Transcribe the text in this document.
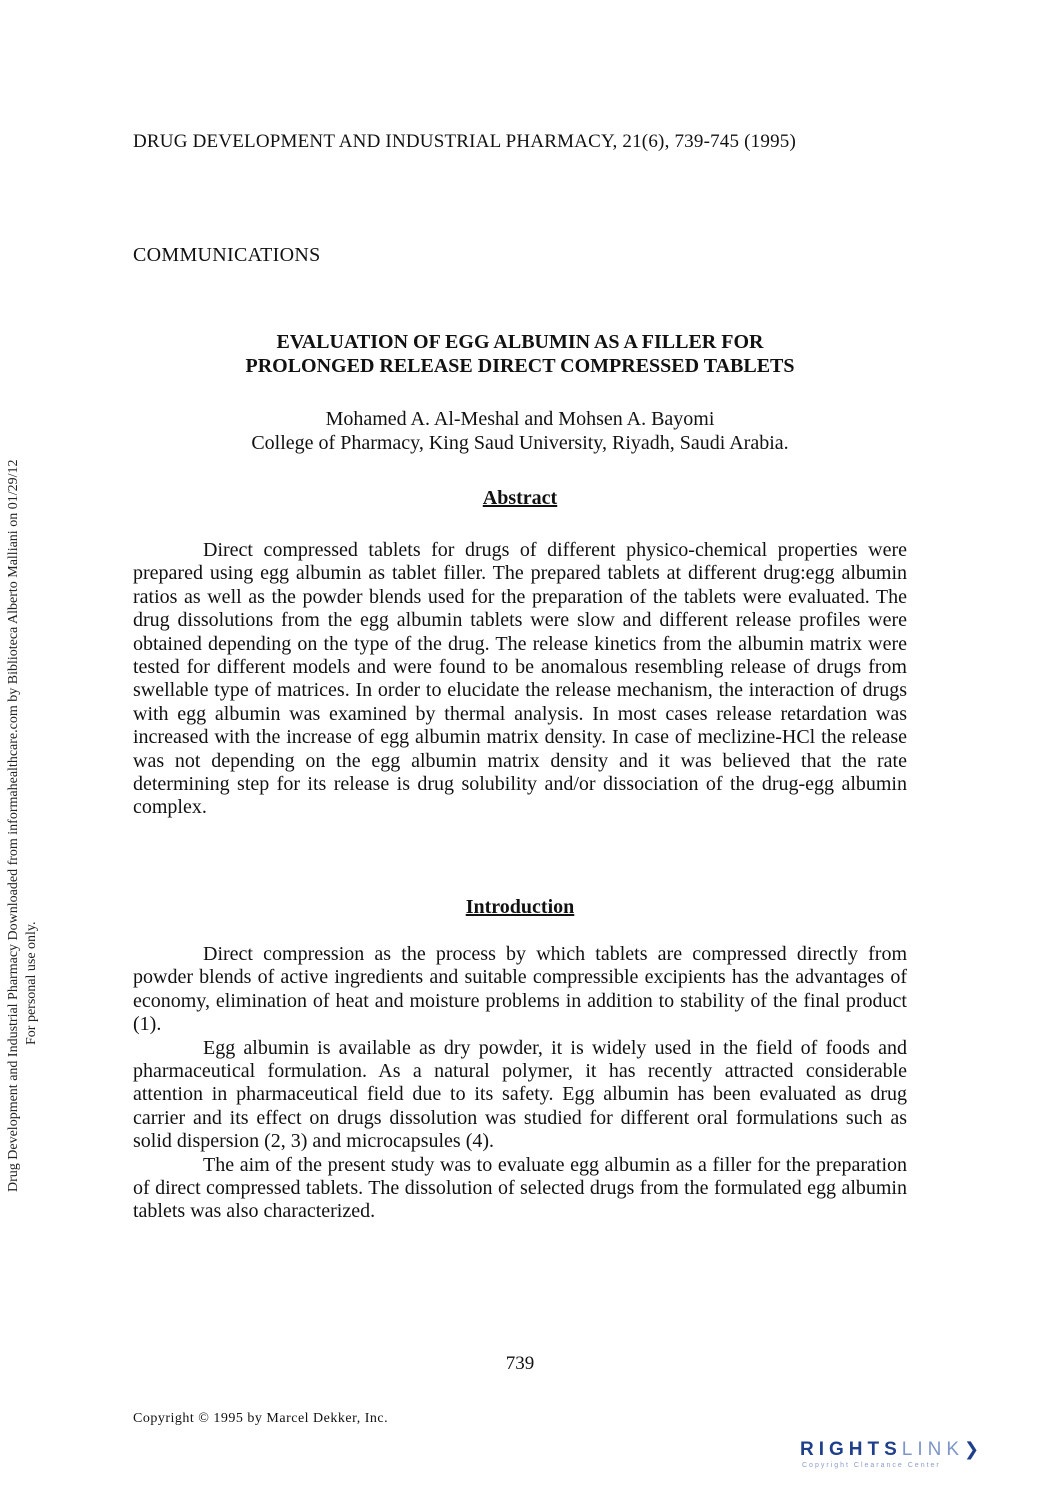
Drug Development and Industrial Pharmacy Downloaded from informahealthcare.com by Biblioteca Alberto Malliani on 01/29/12 For personal use only.
DRUG DEVELOPMENT AND INDUSTRIAL PHARMACY, 21(6), 739-745 (1995)
COMMUNICATIONS
EVALUATION OF EGG ALBUMIN AS A FILLER FOR
PROLONGED RELEASE DIRECT COMPRESSED TABLETS
Mohamed A. Al-Meshal and Mohsen A. Bayomi
College of Pharmacy, King Saud University, Riyadh, Saudi Arabia.
Abstract

Direct compressed tablets for drugs of different physico-chemical properties were prepared using egg albumin as tablet filler. The prepared tablets at different drug:egg albumin ratios as well as the powder blends used for the preparation of the tablets were evaluated. The drug dissolutions from the egg albumin tablets were slow and different release profiles were obtained depending on the type of the drug. The release kinetics from the albumin matrix were tested for different models and were found to be anomalous resembling release of drugs from swellable type of matrices. In order to elucidate the release mechanism, the interaction of drugs with egg albumin was examined by thermal analysis. In most cases release retardation was increased with the increase of egg albumin matrix density. In case of meclizine-HCl the release was not depending on the egg albumin matrix density and it was believed that the rate determining step for its release is drug solubility and/or dissociation of the drug-egg albumin complex.

Introduction

Direct compression as the process by which tablets are compressed directly from powder blends of active ingredients and suitable compressible excipients has the advantages of economy, elimination of heat and moisture problems in addition to stability of the final product (1).

Egg albumin is available as dry powder, it is widely used in the field of foods and pharmaceutical formulation. As a natural polymer, it has recently attracted considerable attention in pharmaceutical field due to its safety. Egg albumin has been evaluated as drug carrier and its effect on drugs dissolution was studied for different oral formulations such as solid dispersion (2, 3) and microcapsules (4).

The aim of the present study was to evaluate egg albumin as a filler for the preparation of direct compressed tablets. The dissolution of selected drugs from the formulated egg albumin tablets was also characterized.

739
Copyright © 1995 by Marcel Dekker, Inc.
RIGHTSLINK❯
Copyright Clearance Center
